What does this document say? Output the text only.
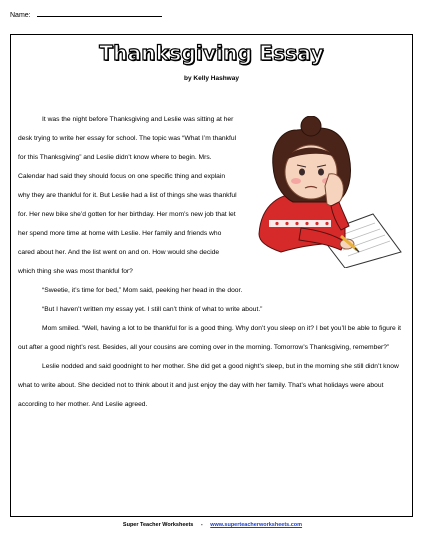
Name:
Thanksgiving Essay
by Kelly Hashway

It was the night before Thanksgiving and Leslie was sitting at her desk trying to write her essay for school. The topic was “What I’m thankful for this Thanksgiving” and Leslie didn’t know where to begin. Mrs. Calendar had said they should focus on one specific thing and explain why they are thankful for it. But Leslie had a list of things she was thankful for. Her new bike she’d gotten for her birthday. Her mom’s new job that let her spend more time at home with Leslie. Her family and friends who cared about her. And the list went on and on. How would she decide which thing she was most thankful for?

“Sweetie, it’s time for bed,” Mom said, peeking her head in the door.

“But I haven’t written my essay yet. I still can’t think of what to write about.”

Mom smiled. “Well, having a lot to be thankful for is a good thing. Why don’t you sleep on it? I bet you’ll be able to figure it out after a good night’s rest. Besides, all your cousins are coming over in the morning. Tomorrow’s Thanksgiving, remember?”

Leslie nodded and said goodnight to her mother. She did get a good night’s sleep, but in the morning she still didn’t know what to write about. She decided not to think about it and just enjoy the day with her family. That’s what holidays were about according to her mother. And Leslie agreed.

Super Teacher Worksheets - www.superteacherworksheets.com
